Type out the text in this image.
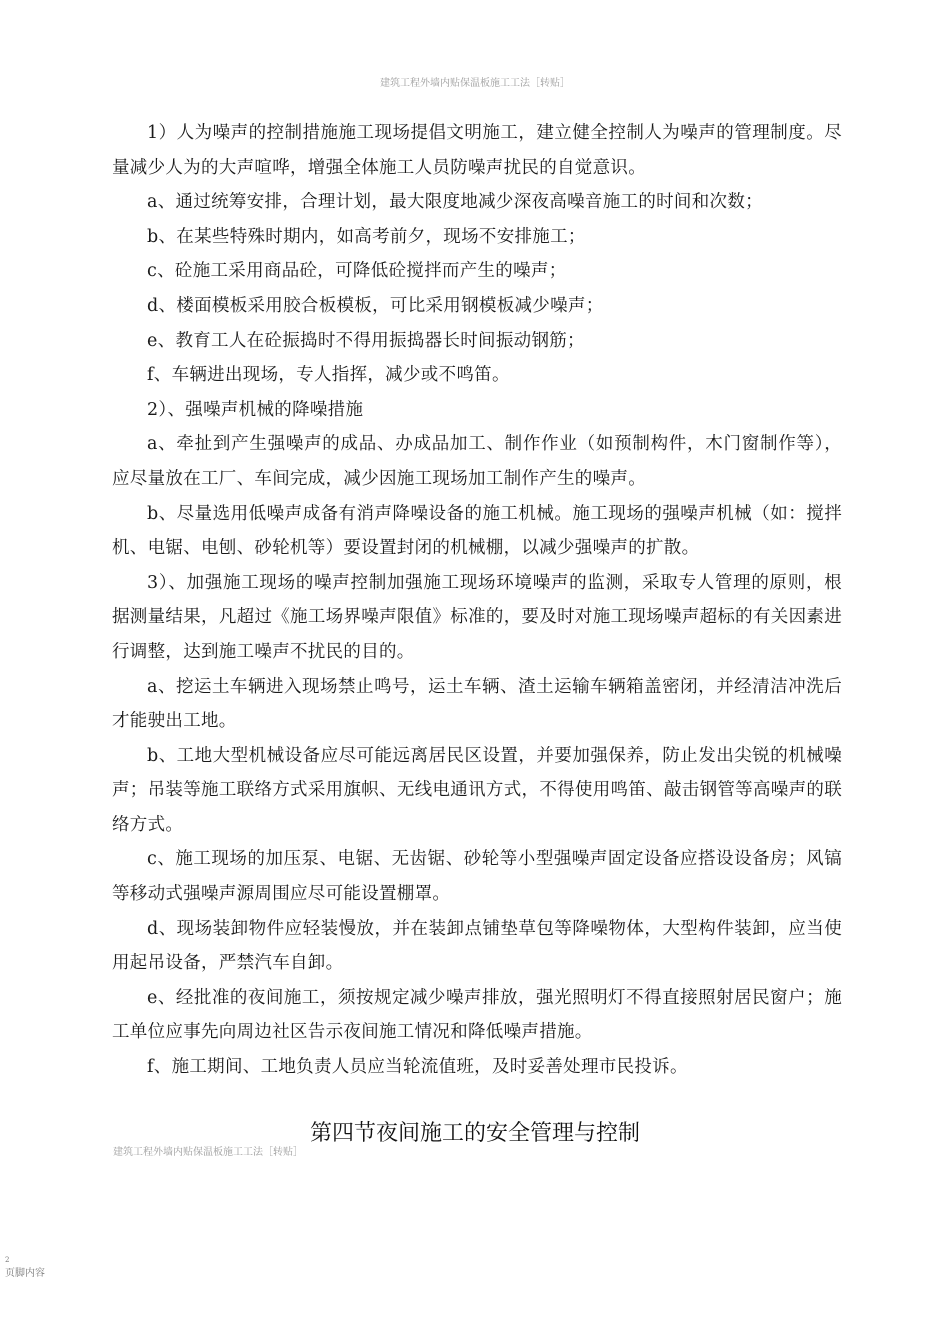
建筑工程外墙内贴保温板施工工法［转贴］

1）人为噪声的控制措施施工现场提倡文明施工，建立健全控制人为噪声的管理制度。尽量减少人为的大声喧哗，增强全体施工人员防噪声扰民的自觉意识。

a、通过统筹安排，合理计划，最大限度地减少深夜高噪音施工的时间和次数；

b、在某些特殊时期内，如高考前夕，现场不安排施工；

c、砼施工采用商品砼，可降低砼搅拌而产生的噪声；

d、楼面模板采用胶合板模板，可比采用钢模板减少噪声；

e、教育工人在砼振捣时不得用振捣器长时间振动钢筋；

f、车辆进出现场，专人指挥，减少或不鸣笛。

2）、强噪声机械的降噪措施

a、牵扯到产生强噪声的成品、办成品加工、制作作业（如预制构件，木门窗制作等），应尽量放在工厂、车间完成，减少因施工现场加工制作产生的噪声。

b、尽量选用低噪声成备有消声降噪设备的施工机械。施工现场的强噪声机械（如：搅拌机、电锯、电刨、砂轮机等）要设置封闭的机械棚，以减少强噪声的扩散。

3）、加强施工现场的噪声控制加强施工现场环境噪声的监测，采取专人管理的原则，根据测量结果，凡超过《施工场界噪声限值》标准的，要及时对施工现场噪声超标的有关因素进行调整，达到施工噪声不扰民的目的。

a、挖运土车辆进入现场禁止鸣号，运土车辆、渣土运输车辆箱盖密闭，并经清洁冲洗后才能驶出工地。

b、工地大型机械设备应尽可能远离居民区设置，并要加强保养，防止发出尖锐的机械噪声；吊装等施工联络方式采用旗帜、无线电通讯方式，不得使用鸣笛、敲击钢管等高噪声的联络方式。

c、施工现场的加压泵、电锯、无齿锯、砂轮等小型强噪声固定设备应搭设设备房；风镐等移动式强噪声源周围应尽可能设置棚罩。

d、现场装卸物件应轻装慢放，并在装卸点铺垫草包等降噪物体，大型构件装卸，应当使用起吊设备，严禁汽车自卸。

e、经批准的夜间施工，须按规定减少噪声排放，强光照明灯不得直接照射居民窗户；施工单位应事先向周边社区告示夜间施工情况和降低噪声措施。

f、施工期间、工地负责人员应当轮流值班，及时妥善处理市民投诉。

第四节夜间施工的安全管理与控制
建筑工程外墙内贴保温板施工工法［转贴］
2
页脚内容
